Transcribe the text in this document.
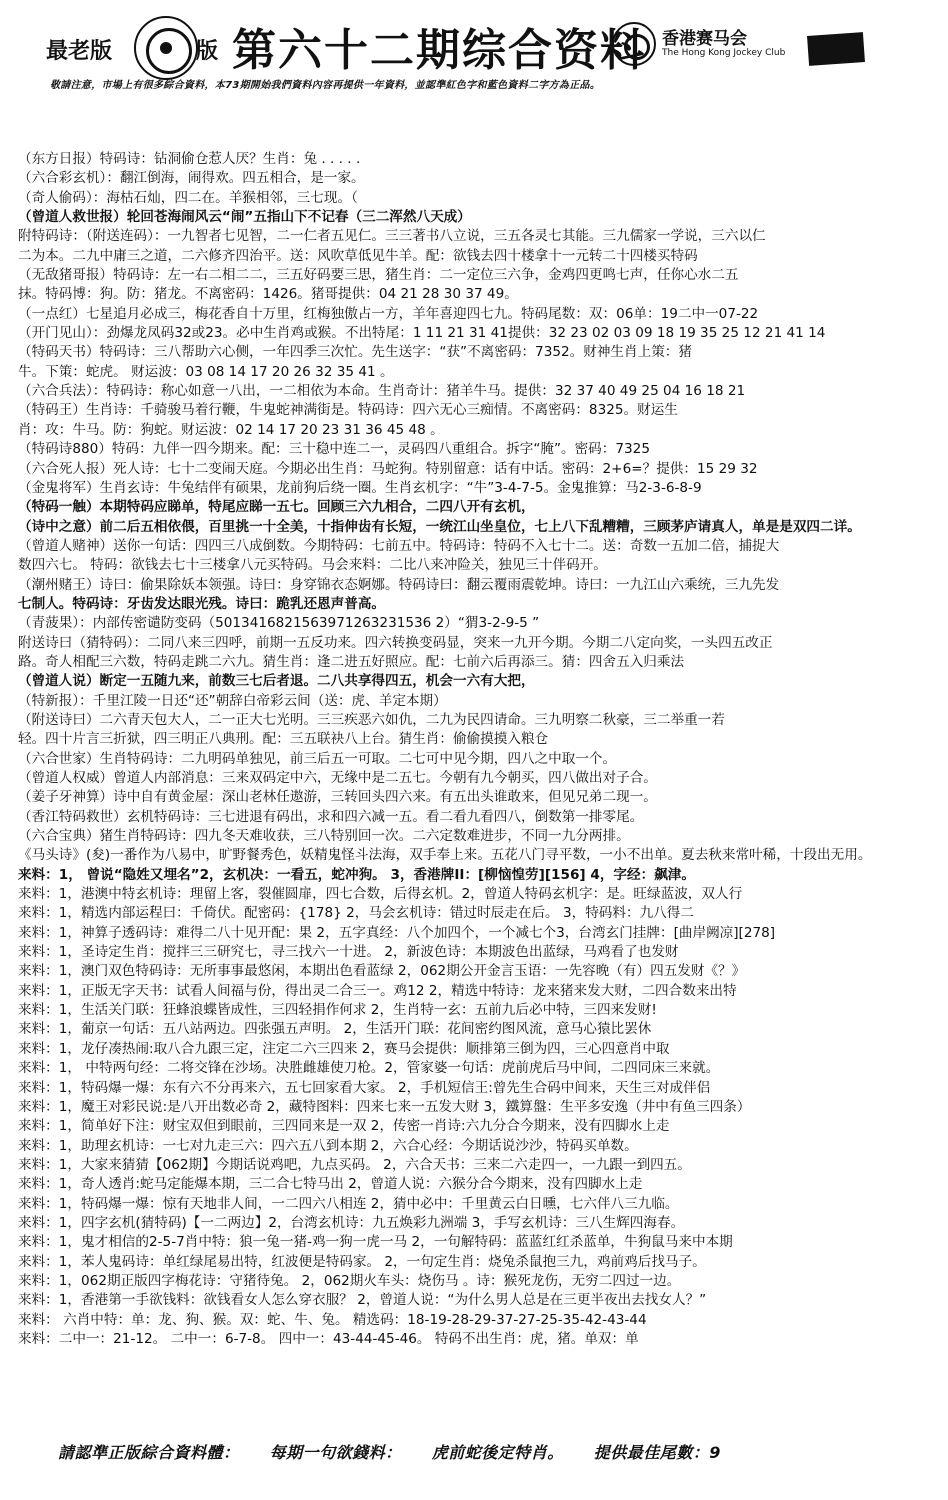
最老版	版 第六十二期综合资料 香港赛马会
The Hong Kong Jockey Club
敬請注意，市場上有很多綜合資料，本73期開始我們資料內容再提供一年資料，並認準紅色字和藍色資料二字方為正品。
（东方日报）特码诗：钻洞偷仓惹人厌？生肖：兔 . . . . .
（六合彩玄机）：翻江倒海，闹得欢。四五相合，是一家。
（奇人偷码）：海枯石灿，四二在。羊猴相邻，三七现。（
（曾道人救世报）轮回苍海闹风云“闹”五指山下不记春（三二浑然八天成）
附特码诗：（附送连码）：一九智者七见智，二一仁者五见仁。三三著书八立说，三五各灵七其能。三九儒家一学说，三六以仁
二为本。二九中庸三之道，二六修齐四治平。送：风吹草低见牛羊。配：欲钱去四十楼拿十一元转二十四楼买特码
（无敌猪哥报）特码诗：左一右二相二二，三五好码要三思，猪生肖：二一定位三六争，金鸡四更鸣七声，任你心水二五
抹。特码博：狗。防：猪龙。不离密码：1426。猪哥提供：04 21 28 30 37 49。
（一点红）七星追月必成三，梅花香自十万里，红梅独傲占一方，羊年喜迎四七九。特码尾数：双：06单：19二中一07-22
（开门见山）：劲爆龙凤码32或23。必中生肖鸡或猴。不出特尾：1 11 21 31 41提供：32 23 02 03 09 18 19 35 25 12 21 41 14
（特码天书）特码诗：三八帮助六心侧，一年四季三次忙。先生送字：“获”不离密码：7352。财神生肖上策：猪
牛。下策：蛇虎。 财运波：03 08 14 17 20 26 32 35 41 。
（六合兵法）：特码诗：称心如意一八出，一二相依为本命。生肖奇计：猪羊牛马。提供：32 37 40 49 25 04 16 18 21
（特码王）生肖诗：千骑骏马着行鞭，牛鬼蛇神满街是。特码诗：四六无心三痴情。不离密码：8325。财运生
肖：攻：牛马。防：狗蛇。财运波：02 14 17 20 23 31 36 45 48 。
（特码诗880）特码：九伴一四今期来。配：三十稳中连二一，灵码四八重组合。拆字“腌”。密码：7325
（六合死人报）死人诗：七十二变闹天庭。今期必出生肖：马蛇狗。特别留意：话有中话。密码：2+6=？提供：15 29 32
（金鬼将军）生肖玄诗：牛兔结伴有硕果，龙前狗后绕一圈。生肖玄机字：“牛”3-4-7-5。金鬼推算：马2-3-6-8-9
（特码一触）本期特码应睇单，特尾应睇一五七。回顾三六九相合，二四八开有玄机，
（诗中之意）前二后五相依偎，百里挑一十全美，十指伸齿有长短，一统江山坐皇位，七上八下乱糟糟，三顾茅庐请真人，单是是双四二详。
（曾道人赌神）送你一句话：四四三八成倒数。今期特码：七前五中。特码诗：特码不入七十二。送：奇数一五加二倍，捕捉大
数四六七。 特码：欲钱去七十三楼拿八元买特码。马会来料：二比八来冲险关，独见三十伴码开。
（潮州赌王）诗曰：偷果除妖本领强。诗曰：身穿锦衣态婀娜。特码诗曰：翻云覆雨震乾坤。诗曰：一九江山六乘统，三九先发
七制人。特码诗：牙齿发达眼光残。诗曰：跪乳还恩声普高。
（青菠果）：内部传密谴防变码（5013416821563971263231536 2）“猬3-2-9-5 ”
附送诗曰（猜特码）：二同八来三四呼，前期一五反功来。四六转换变码显，突来一九开今期。今期二八定向奖，一头四五改正
路。奇人相配三六数，特码走跳二六九。猜生肖：逢二进五好照应。配：七前六后再添三。猜：四舍五入归乘法
（曾道人说）断定一五随九来，前数三七后者退。二八共享得四五，机会一六有大把，
（特新报）：千里江陵一日还“还”朝辞白帝彩云间（送：虎、羊定本期）
（附送诗曰）二六青天包大人，二一正大七光明。三三疾恶六如仇，二九为民四请命。三九明察二秋豪，三二举重一若
轻。四十片言三折狱，四三明正八典刑。配：三五联袂八上台。猜生肖：偷偷摸摸入粮仓
（六合世家）生肖特码诗：二九明码单独见，前三后五一可取。二七可中见今期，四八之中取一个。
（曾道人权威）曾道人内部消息：三来双码定中六，无缘中是二五七。今朝有九今朝买，四八做出对子合。
（姜子牙神算）诗中自有黄金屋：深山老林任遨游，三转回头四六来。有五出头谁敢来，但见兄弟二现一。
（香江特码救世）玄机特码诗：三七进退有码出，求和四六减一五。看二看九看四八，倒数第一排零尾。
（六合宝典）猪生肖特码诗：四九冬天难收获，三八特别回一次。二六定数难进步，不同一九分两排。
《马头诗》(夋)一番作为八易中，旷野餐秀色，妖精鬼怪斗法海，双手奉上来。五花八门寻平数，一小不出单。夏去秋来常叶稀，十段出无用。
来料：1， 曾说“隐姓又埋名”2，玄机决：一看五，蛇冲狗。 3，香港牌II：[柳恼惶劳][156] 4，字经：飙津。
来料：1，港澳中特玄机诗：理留上客，裂催圆扉，四七合数，后得玄机。2，曾道人特码玄机字：是。旺绿蓝波，双人行
来料：1，精选内部运程曰：千倚伏。配密码：{178} 2，马会玄机诗：错过时辰走在后。 3，特码料：九八得二
来料：1，神算子透码诗：难得二八十见开配：果 2，五字真经：八个加四个，一个减七个3，台湾玄门挂牌：[曲岸阙凉][278]
来料：1，圣诗定生肖：搅拌三三研究七，寻三找六一十进。 2，新波色诗：本期波色出蓝绿，马鸡看了也发财
来料：1，澳门双色特码诗：无所事事最悠闲，本期出色看蓝绿 2，062期公开金言玉语：一先容晚（有）四五发财《？》
来料：1，正版无字天书：试看人间福与份，得出灵二合三一。鸡12 2，精选中特诗：龙来猪来发大财，二四合数来出特
来料：1，生活关门联：狂蜂浪蝶皆成性，三四轻捐作何求 2，生肖特一玄：五前九后必中特，三四来发财!
来料：1，葡京一句话：五八站两边。四张强五声明。 2，生活开门联：花间密约图风流，意马心猿比罢休
来料：1，龙仔凑热闹:取八合九跟三定，注定二六三四来 2，赛马会提供：顺排第三倒为四，三心四意肖中取
来料：1， 中特两句经：二将交锋在沙场。决胜雌雄使刀枪。2，管家婆一句话：虎前虎后马中间，二四同床三来就。
来料：1，特码爆一爆：东有六不分再来六，五七回家看大家。 2，手机短信王:曾先生合码中间来，天生三对成伴侣
来料：1，魔王对彩民说:是八开出数必奇 2，藏特图料：四来七来一五发大财 3，鐵算盤：生平多安逸（井中有鱼三四条）
来料：1，简单好下注：财宝双但到眼前，三四同来是一双 2，传密一肖诗:六九分合今期来，没有四脚水上走
来料：1，助理玄机诗：一七对九走三六：四六五八到本期 2，六合心经：今期话说沙沙，特码买单数。
来料：1，大家来猜猜【062期】今期话说鸡吧，九点买码。 2，六合天书：三来二六走四一，一九跟一到四五。
来料：1，奇人透肖:蛇马定能爆本期，三二合七特马出 2，曾道人说：六猴分合今期来，没有四脚水上走
来料：1，特码爆一爆：惊有天地非人间，一二四六八相连 2，猜中必中：千里黄云白日曛，七六伴八三九临。
来料：1，四字玄机(猜特码)【一二两边】2，台湾玄机诗：九五焕彩九洲端 3，手写玄机诗：三八生辉四海春。
来料：1，鬼才相信的2-5-7肖中特：狼一兔一猪-鸡一狗一虎一马 2，一句解特码：蓝蓝红红杀蓝单，牛狗鼠马来中本期
来料：1，苯人鬼码诗：单红绿尾易出特，红波便是特码家。 2，一句定生肖：烧兔杀鼠抱三九，鸡前鸡后找马子。
来料：1，062期正版四字梅花诗：守猪待兔。 2，062期火车头：烧伤马 。诗：猴死龙伤，无穷二四过一边。
来料：1，香港第一手欲钱料：欲钱看女人怎么穿衣服？ 2，曾道人说：“为什么男人总是在三更半夜出去找女人？”
来料： 六肖中特：单：龙、狗、猴。双：蛇、牛、兔。 精选码：18-19-28-29-37-27-25-35-42-43-44
来料：二中一：21-12。 二中一：6-7-8。 四中一：43-44-45-46。 特码不出生肖：虎，猪。单双：单
請認準正版綜合資料體： 每期一句欲錢料： 虎前蛇後定特肖。 提供最佳尾數：9
